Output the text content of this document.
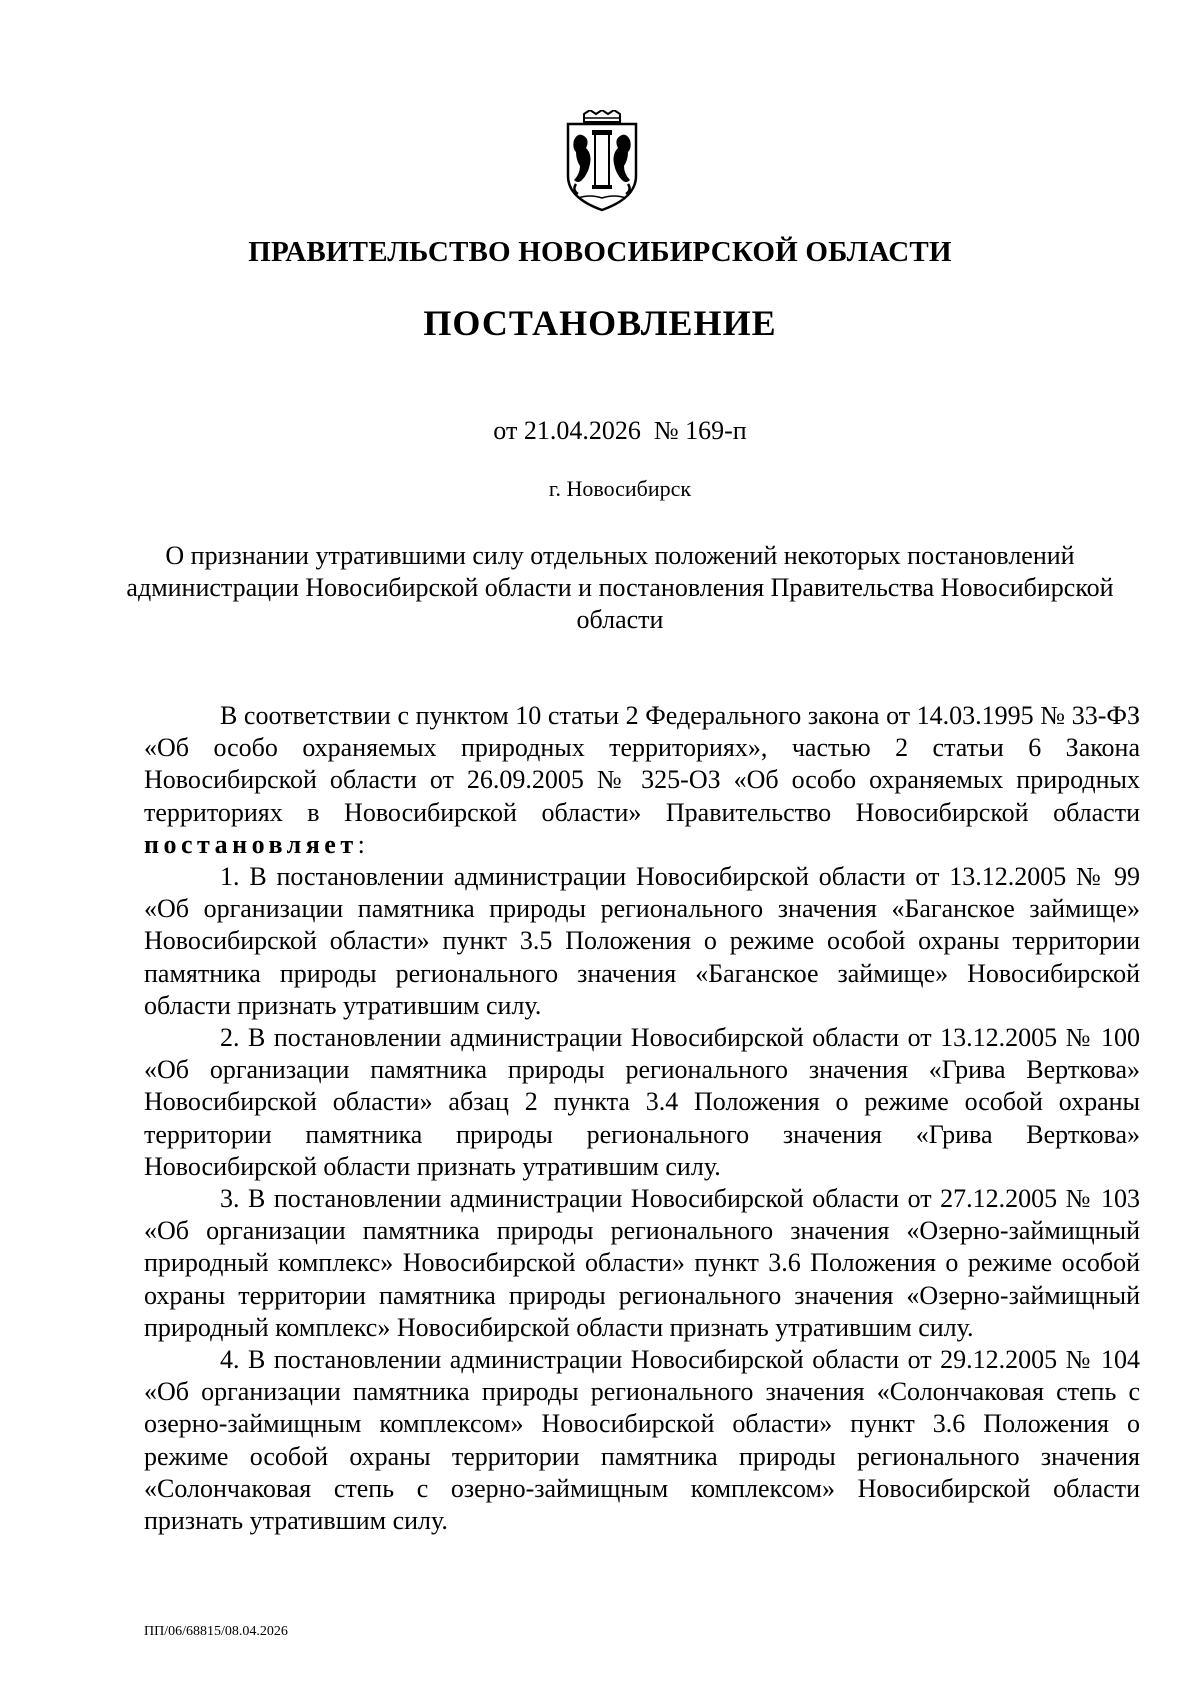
ПРАВИТЕЛЬСТВО НОВОСИБИРСКОЙ ОБЛАСТИ
ПОСТАНОВЛЕНИЕ
от 21.04.2026  № 169-п
г. Новосибирск
О признании утратившими силу отдельных положений некоторых постановлений администрации Новосибирской области и постановления Правительства Новосибирской области

В соответствии с пунктом 10 статьи 2 Федерального закона от 14.03.1995 № 33-ФЗ «Об особо охраняемых природных территориях», частью 2 статьи 6 Закона Новосибирской области от 26.09.2005 № 325-ОЗ «Об особо охраняемых природных территориях в Новосибирской области» Правительство Новосибирской области постановляет:

1. В постановлении администрации Новосибирской области от 13.12.2005 № 99 «Об организации памятника природы регионального значения «Баганское займище» Новосибирской области» пункт 3.5 Положения о режиме особой охраны территории памятника природы регионального значения «Баганское займище» Новосибирской области признать утратившим силу.

2. В постановлении администрации Новосибирской области от 13.12.2005 № 100 «Об организации памятника природы регионального значения «Грива Верткова» Новосибирской области» абзац 2 пункта 3.4 Положения о режиме особой охраны территории памятника природы регионального значения «Грива Верткова» Новосибирской области признать утратившим силу.

3. В постановлении администрации Новосибирской области от 27.12.2005 № 103 «Об организации памятника природы регионального значения «Озерно-займищный природный комплекс» Новосибирской области» пункт 3.6 Положения о режиме особой охраны территории памятника природы регионального значения «Озерно-займищный природный комплекс» Новосибирской области признать утратившим силу.

4. В постановлении администрации Новосибирской области от 29.12.2005 № 104 «Об организации памятника природы регионального значения «Солончаковая степь с озерно-займищным комплексом» Новосибирской области» пункт 3.6 Положения о режиме особой охраны территории памятника природы регионального значения «Солончаковая степь с озерно-займищным комплексом» Новосибирской области признать утратившим силу.

ПП/06/68815/08.04.2026
